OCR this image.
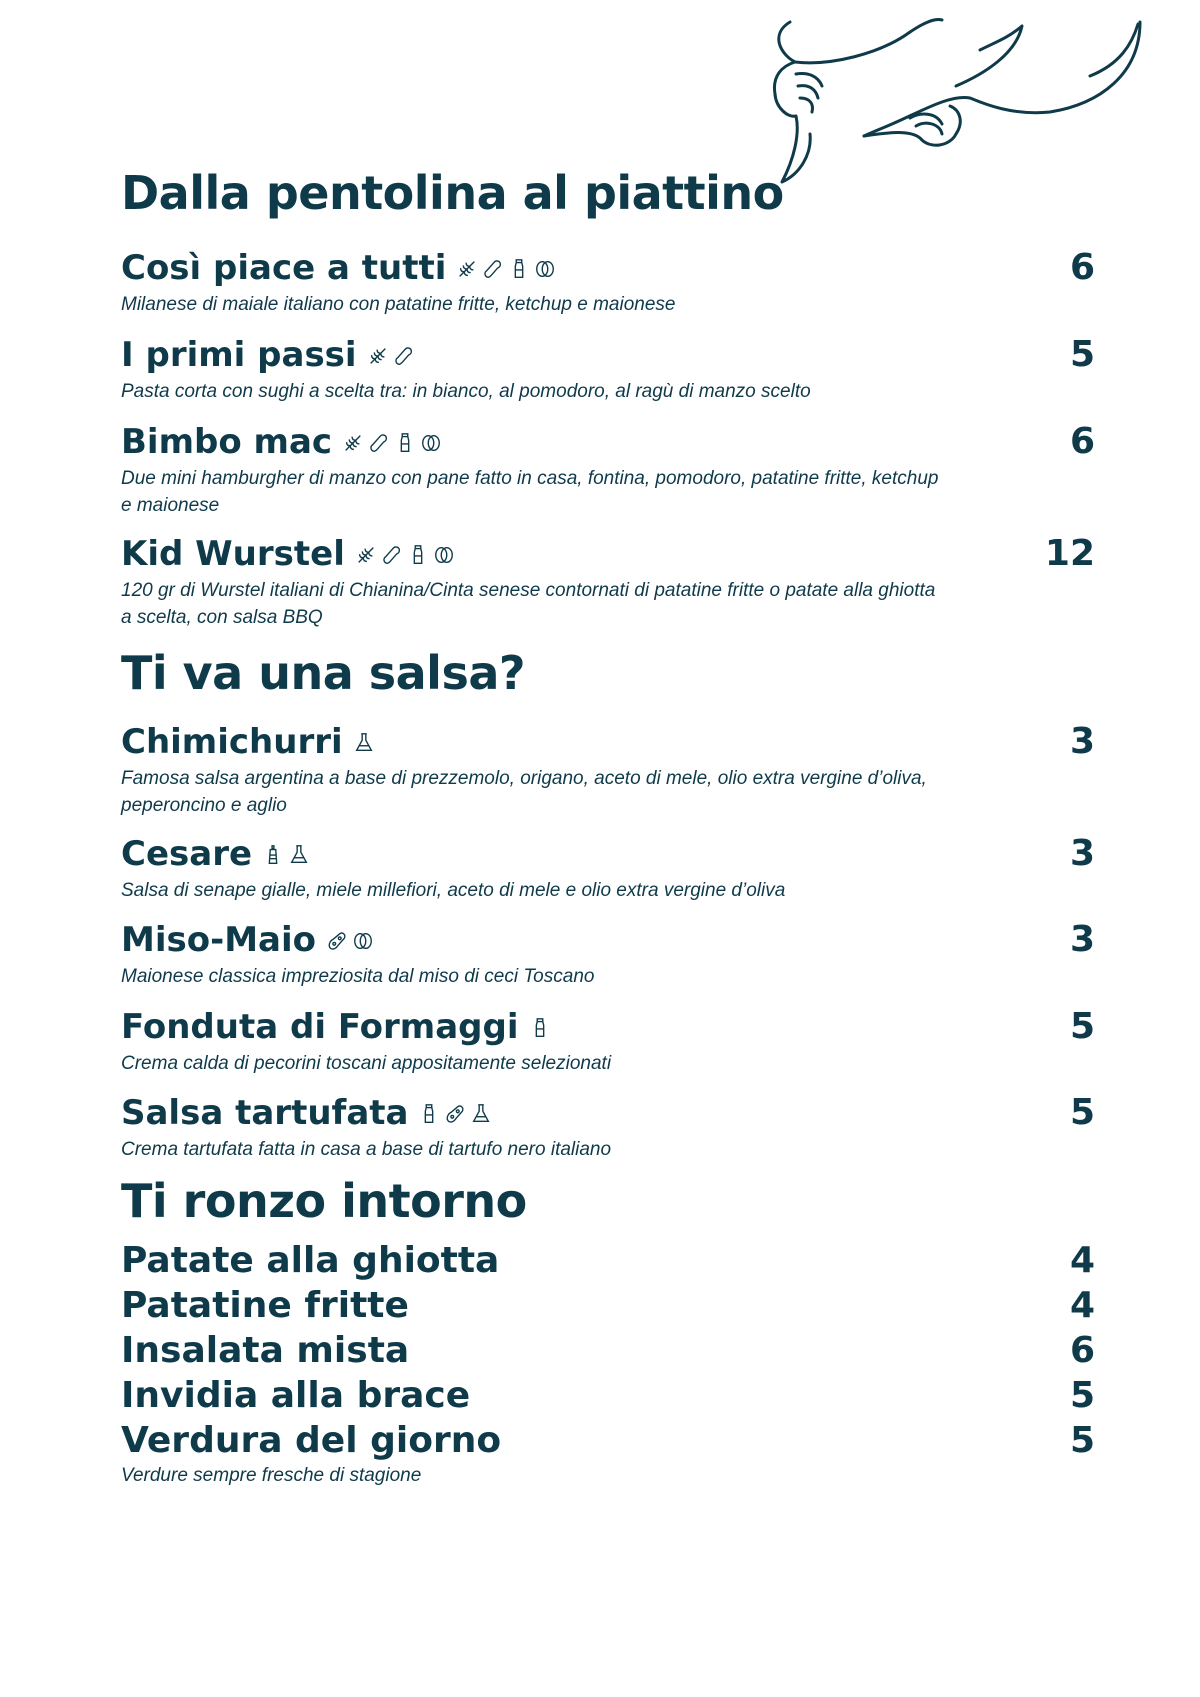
Dalla pentolina al piattino
Così piace a tutti	6
Milanese di maiale italiano con patatine fritte, ketchup e maionese
I primi passi	5
Pasta corta con sughi a scelta tra: in bianco, al pomodoro, al ragù di manzo scelto
Bimbo mac	6
Due mini hamburgher di manzo con pane fatto in casa, fontina, pomodoro, patatine fritte, ketchup e maionese
Kid Wurstel	12
120 gr di Wurstel italiani di Chianina/Cinta senese contornati di patatine fritte o patate alla ghiotta a scelta, con salsa BBQ
Ti va una salsa?
Chimichurri	3
Famosa salsa argentina a base di prezzemolo, origano, aceto di mele, olio extra vergine d’oliva, peperoncino e aglio
Cesare	3
Salsa di senape gialle, miele millefiori, aceto di mele e olio extra vergine d’oliva
Miso-Maio	3
Maionese classica impreziosita dal miso di ceci Toscano
Fonduta di Formaggi	5
Crema calda di pecorini toscani appositamente selezionati
Salsa tartufata	5
Crema tartufata fatta in casa a base di tartufo nero italiano
Ti ronzo intorno
Patate alla ghiotta	4
Patatine fritte	4
Insalata mista	6
Invidia alla brace	5
Verdura del giorno	5
Verdure sempre fresche di stagione
